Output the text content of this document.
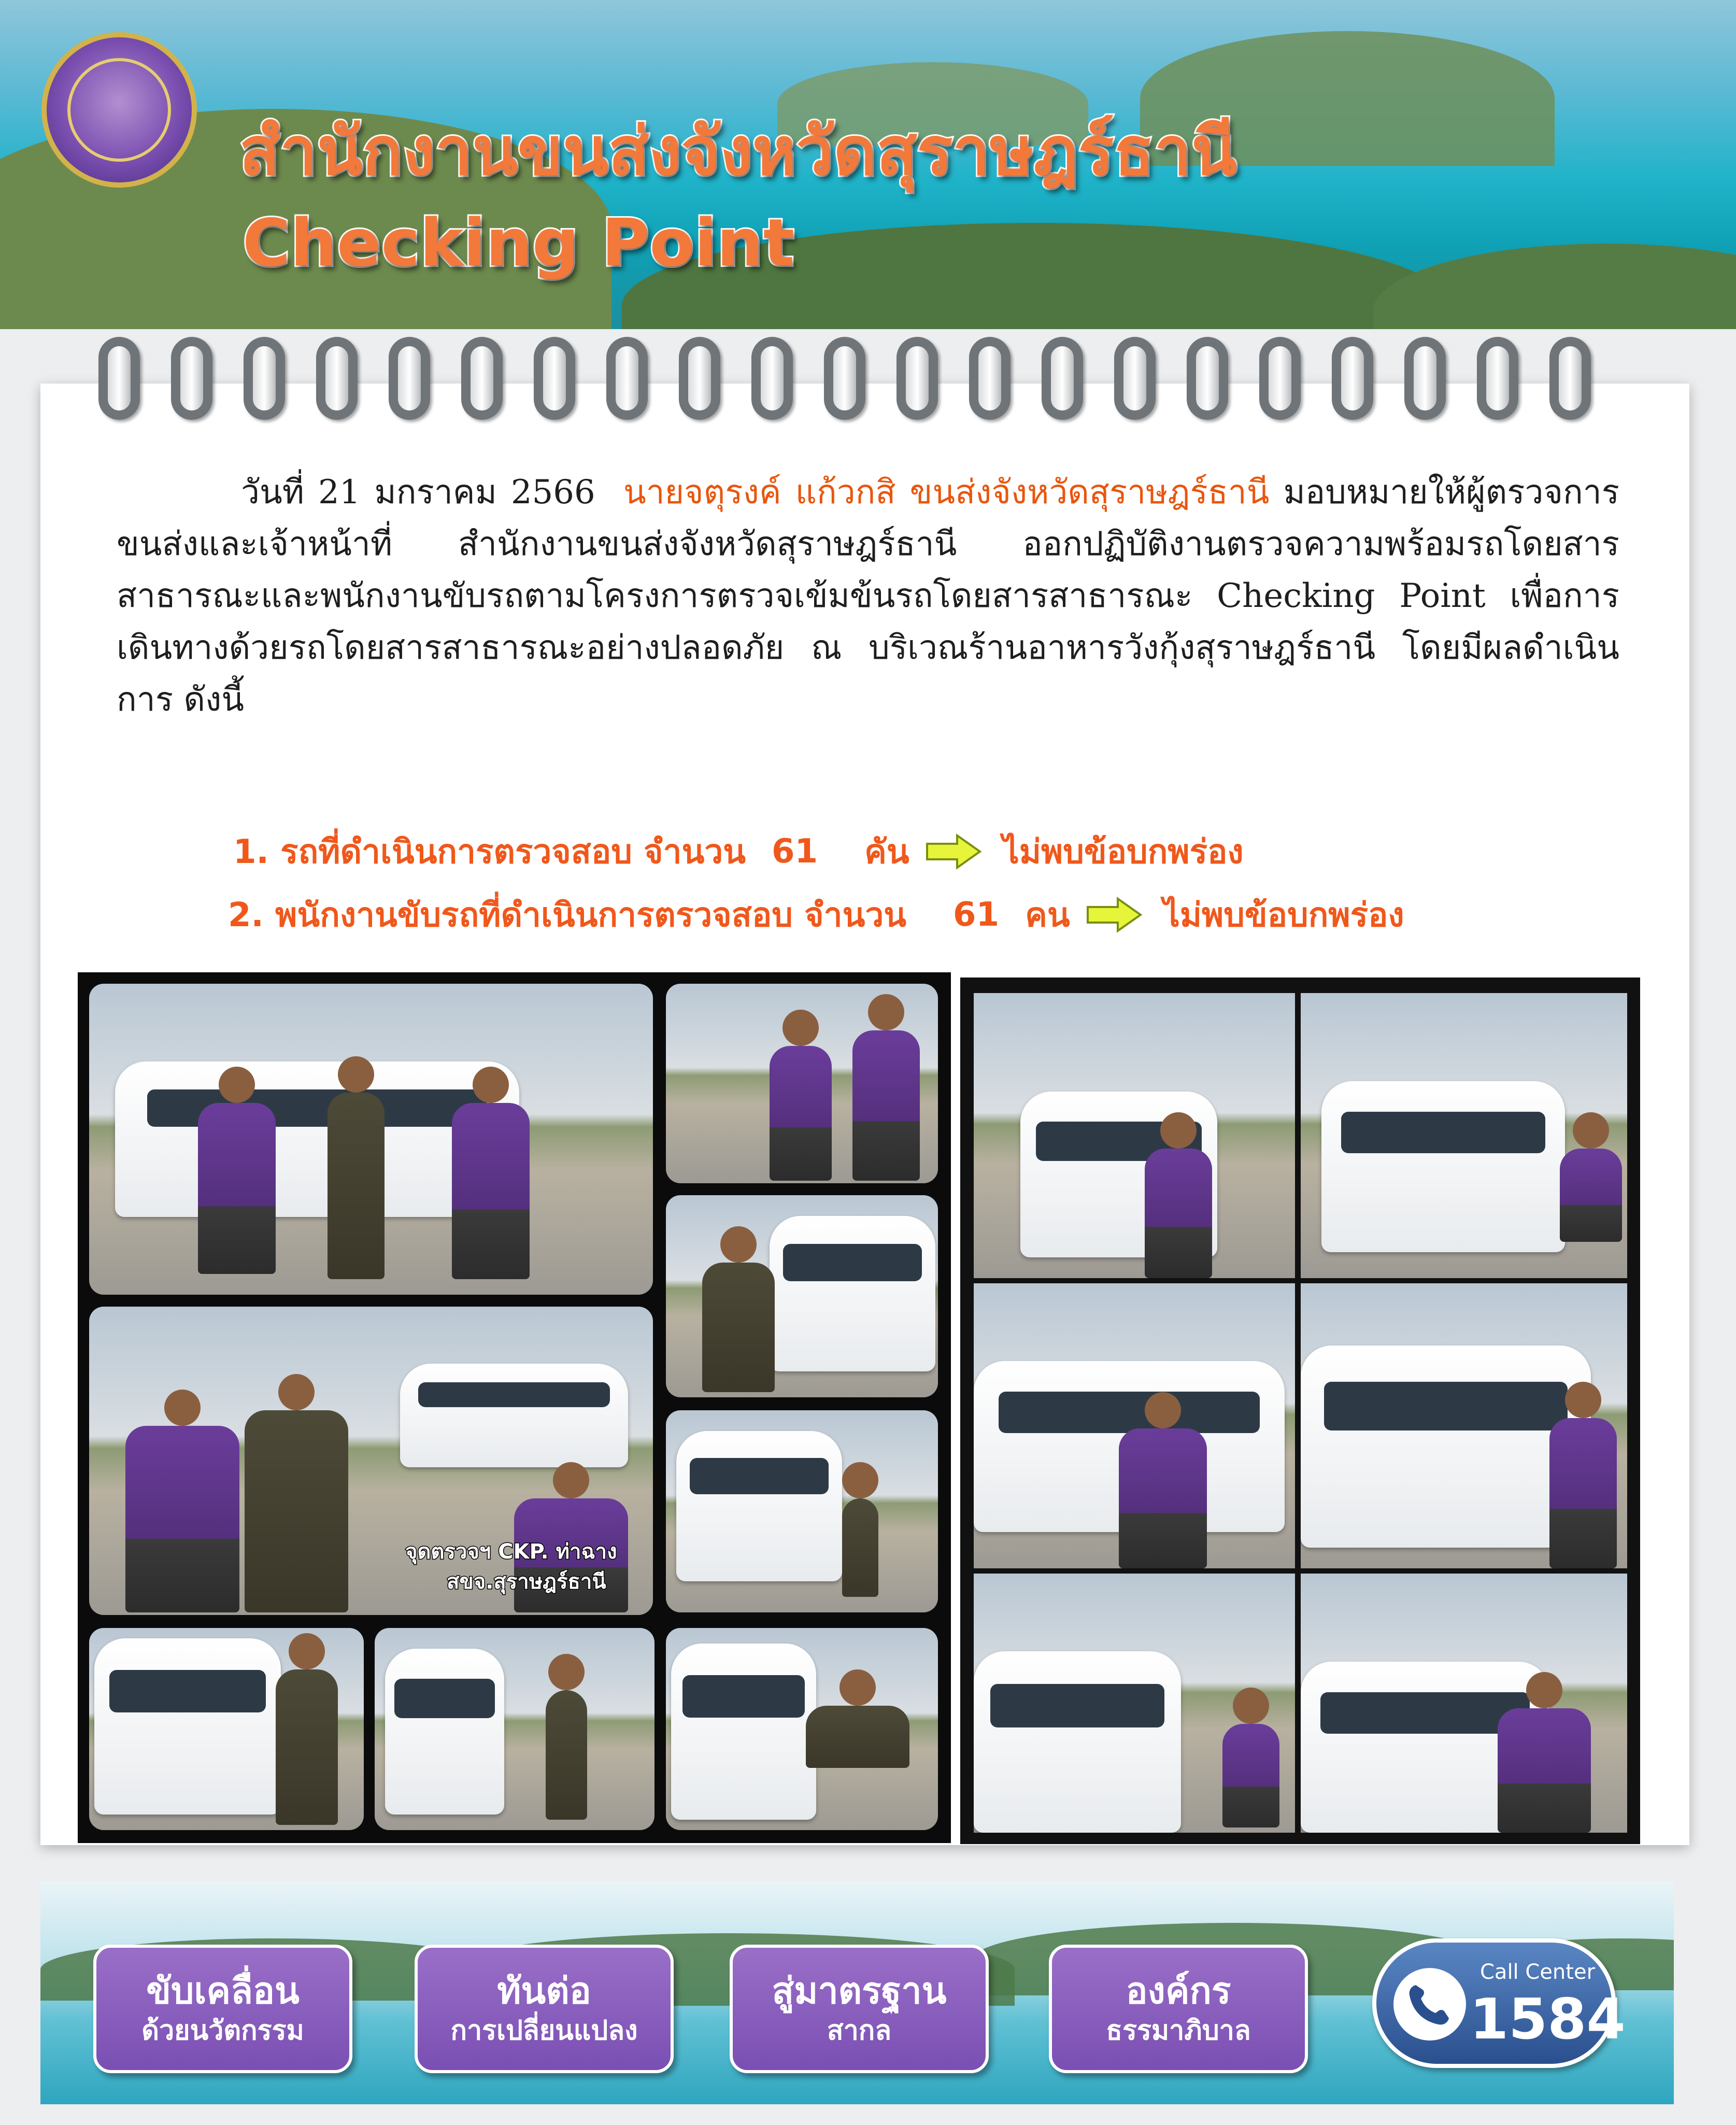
สำนักงานขนส่งจังหวัดสุราษฎร์ธานี
Checking Point

วันที่ 21 มกราคม 2566 นายจตุรงค์ แก้วกสิ ขนส่งจังหวัดสุราษฎร์ธานี มอบหมายให้ผู้ตรวจการขนส่งและเจ้าหน้าที่ สำนักงานขนส่งจังหวัดสุราษฎร์ธานี ออกปฏิบัติงานตรวจความพร้อมรถโดยสารสาธารณะและพนักงานขับรถตามโครงการตรวจเข้มข้นรถโดยสารสาธารณะ Checking Point เพื่อการเดินทางด้วยรถโดยสารสาธารณะอย่างปลอดภัย ณ บริเวณร้านอาหารวังกุ้งสุราษฎร์ธานี โดยมีผลดำเนินการ ดังนี้

1. รถที่ดำเนินการตรวจสอบ จำนวน 61 คัน	ไม่พบข้อบกพร่อง
2. พนักงานขับรถที่ดำเนินการตรวจสอบ จำนวน 61 คน	ไม่พบข้อบกพร่อง
จุดตรวจฯ CKP. ท่าฉาง
สขจ.สุราษฎร์ธานี
ขับเคลื่อน
ด้วยนวัตกรรม
ทันต่อ
การเปลี่ยนแปลง
สู่มาตรฐาน
สากล
องค์กร
ธรรมาภิบาล
Call Center
1584
